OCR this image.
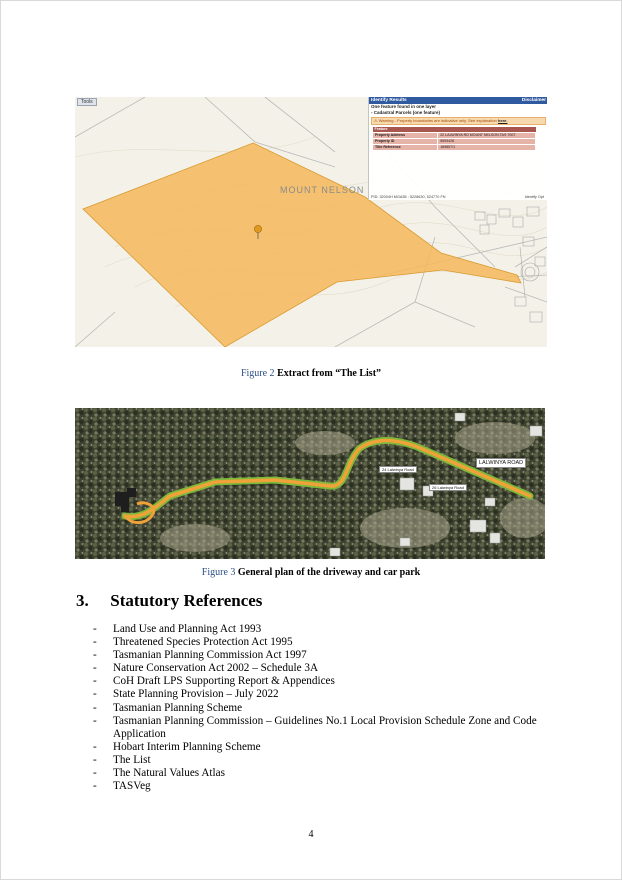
MOUNT NELSON
Tools	Identify Results	Disclaimer
One feature found in one layer
- Cadastral Parcels (one feature)
⚠ Warning - Property boundaries are indicative only. See explanation here.
Feature	
Property Address	22 LALWINYA RD MOUNT NELSON TAS 7007
Property ID	5593426
Title Reference	169857/1
PID: 32004H MGA55 : 5228630, 524770 FN	Identify Opt
Figure 2 Extract from “The List”
LALWINYA ROAD
24 Lalwinya Road
26 Lalwinya Road
Figure 3 General plan of the driveway and car park
3. Statutory References
-	Land Use and Planning Act 1993
-	Threatened Species Protection Act 1995
-	Tasmanian Planning Commission Act 1997
-	Nature Conservation Act 2002 – Schedule 3A
-	CoH Draft LPS Supporting Report & Appendices
-	State Planning Provision – July 2022
-	Tasmanian Planning Scheme
-	Tasmanian Planning Commission – Guidelines No.1 Local Provision Schedule Zone and Code Application
-	Hobart Interim Planning Scheme
-	The List
-	The Natural Values Atlas
-	TASVeg
4
